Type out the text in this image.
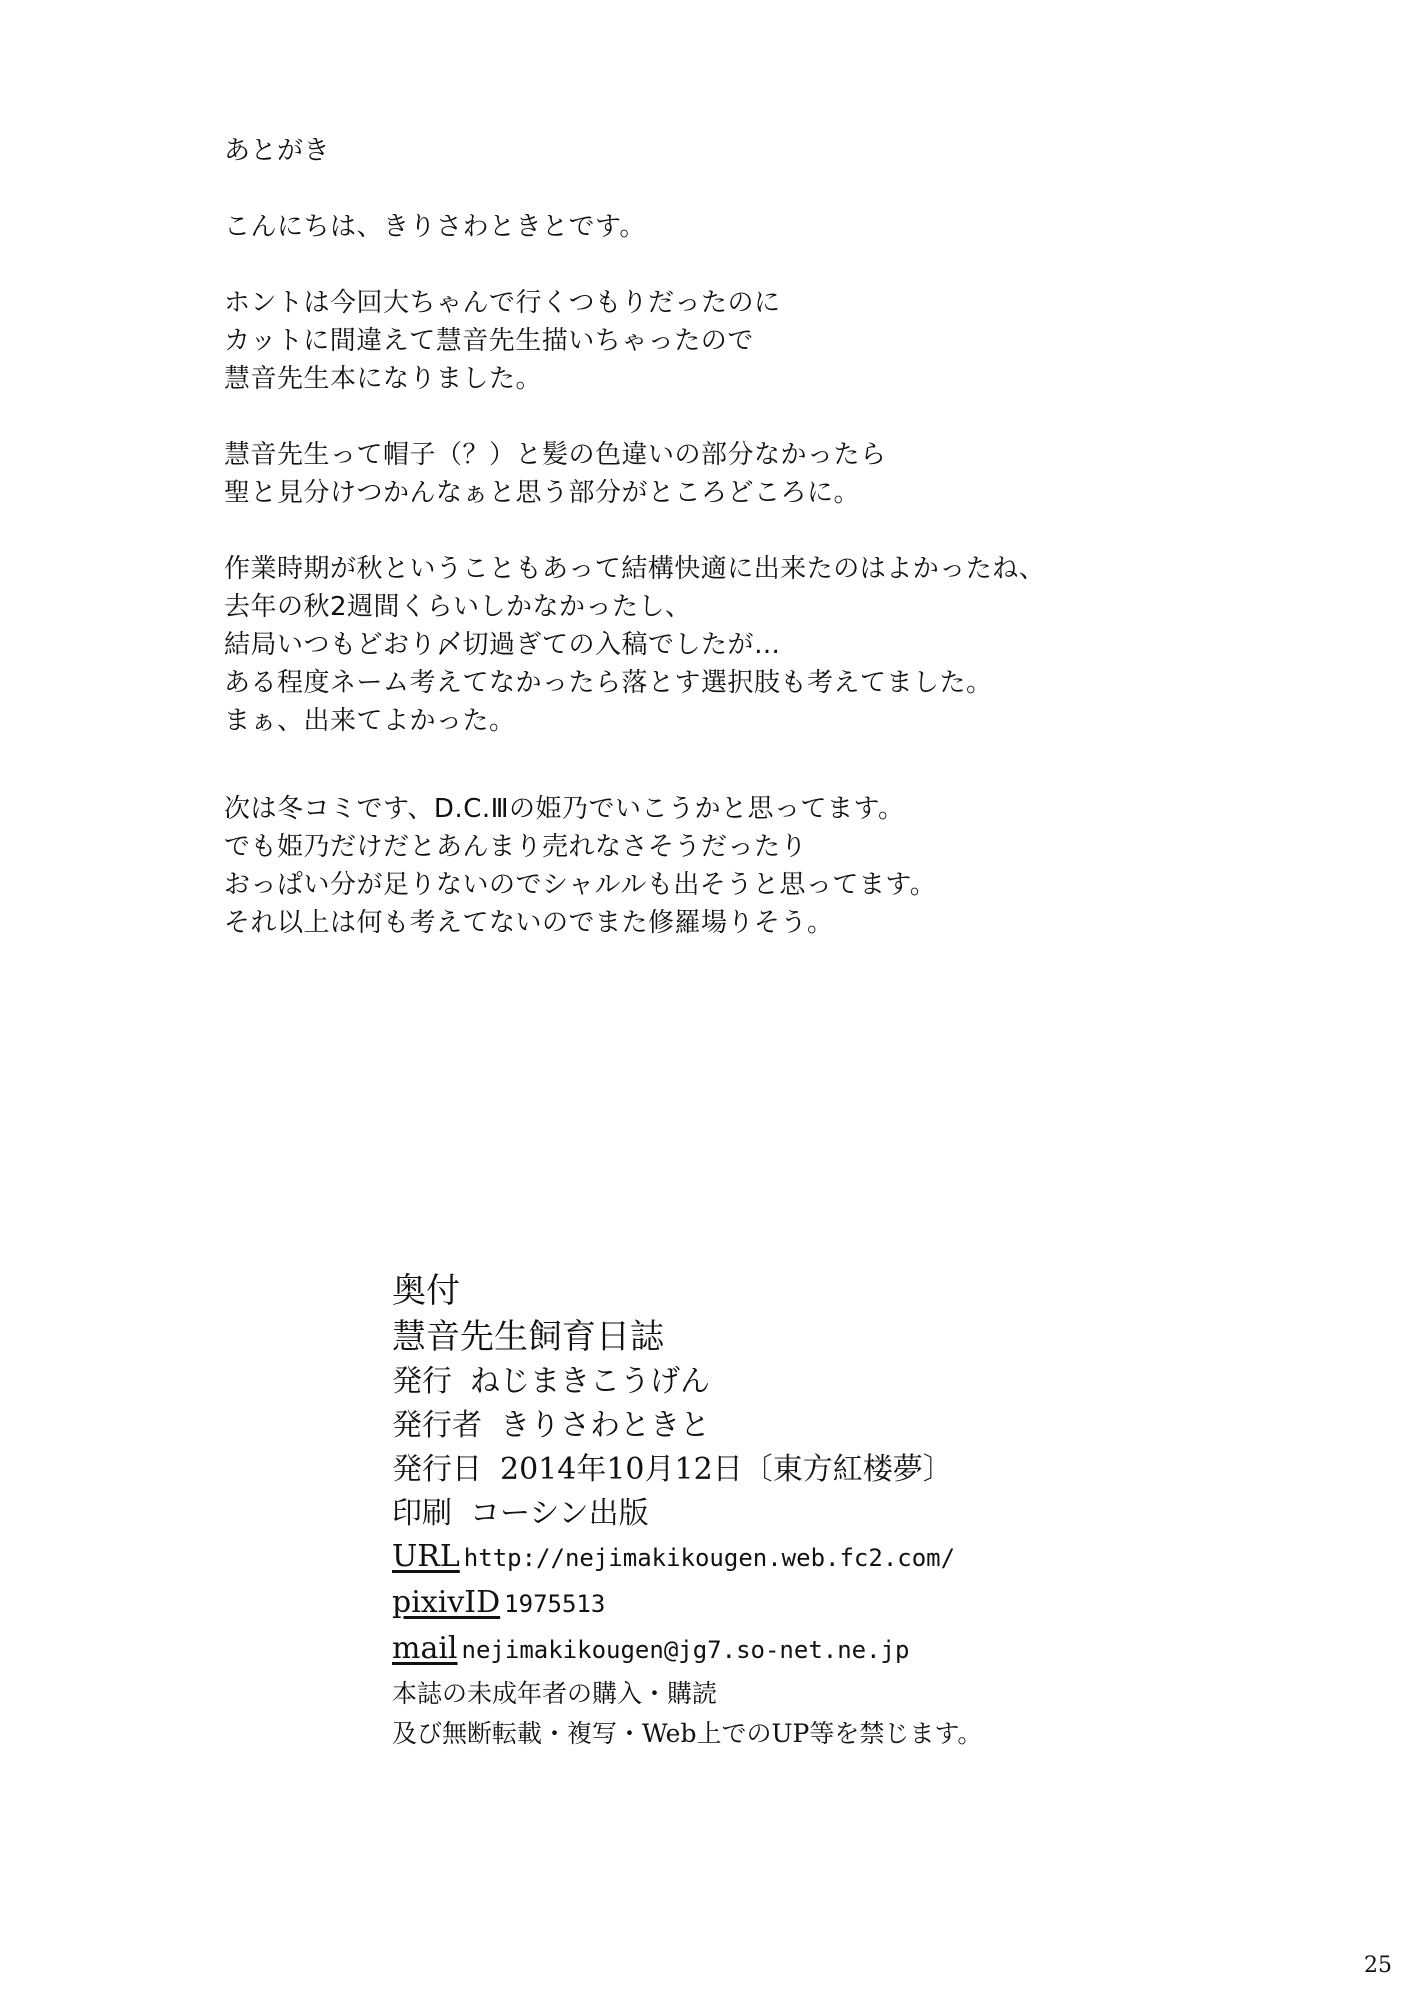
あとがき
こんにちは、きりさわときとです。
ホントは今回大ちゃんで行くつもりだったのに
カットに間違えて慧音先生描いちゃったので
慧音先生本になりました。
慧音先生って帽子（？）と髪の色違いの部分なかったら
聖と見分けつかんなぁと思う部分がところどころに。
作業時期が秋ということもあって結構快適に出来たのはよかったね、
去年の秋2週間くらいしかなかったし、
結局いつもどおり〆切過ぎての入稿でしたが…
ある程度ネーム考えてなかったら落とす選択肢も考えてました。
まぁ、出来てよかった。
次は冬コミです、D.C.Ⅲの姫乃でいこうかと思ってます。
でも姫乃だけだとあんまり売れなさそうだったり
おっぱい分が足りないのでシャルルも出そうと思ってます。
それ以上は何も考えてないのでまた修羅場りそう。
奥付
慧音先生飼育日誌
発行 ねじまきこうげん
発行者 きりさわときと
発行日 2014年10月12日〔東方紅楼夢〕
印刷 コーシン出版
URL http://nejimakikougen.web.fc2.com/
pixivID 1975513
mail nejimakikougen@jg7.so-net.ne.jp
本誌の未成年者の購入・購読
及び無断転載・複写・Web上でのUP等を禁じます。
25
